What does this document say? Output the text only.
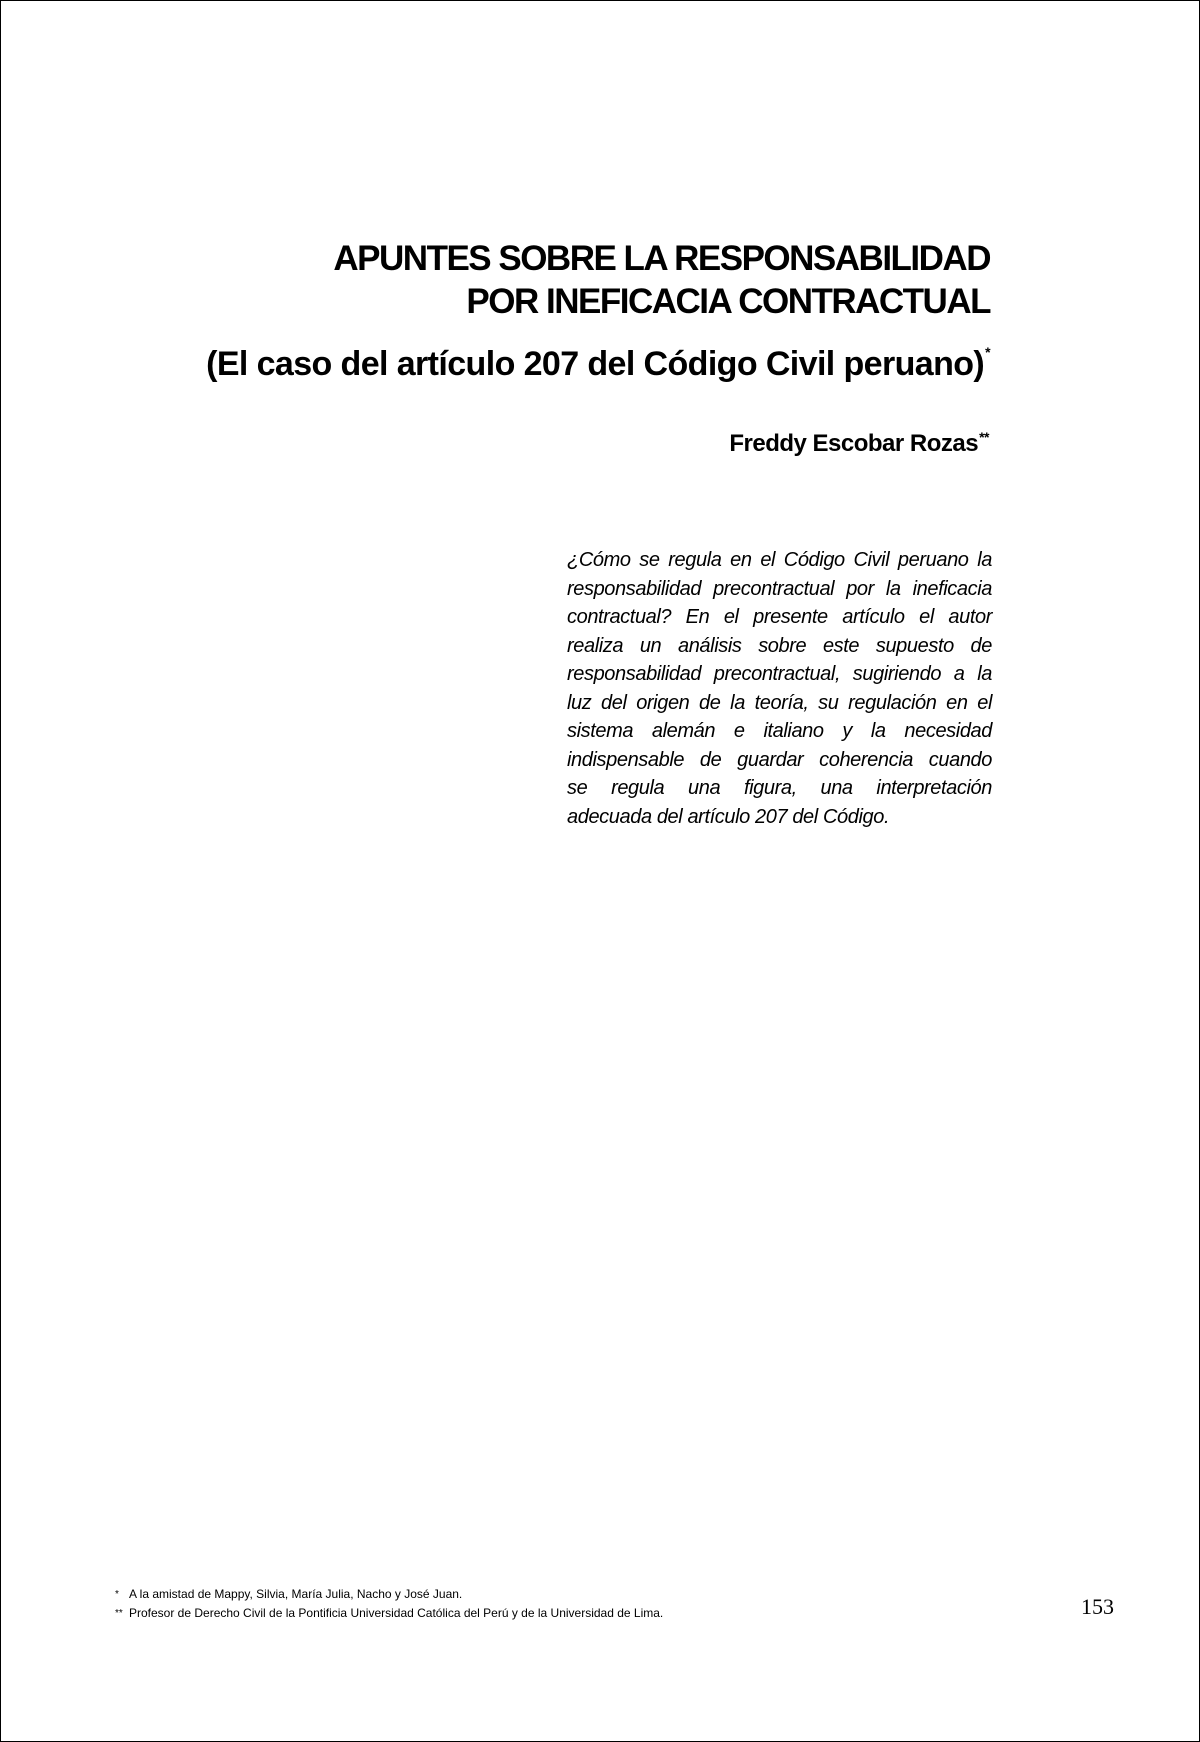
APUNTES SOBRE LA RESPONSABILIDAD
POR INEFICACIA CONTRACTUAL
(El caso del artículo 207 del Código Civil peruano)*
Freddy Escobar Rozas**
¿Cómo se regula en el Código Civil peruano la
responsabilidad precontractual por la ineficacia
contractual? En el presente artículo el autor
realiza un análisis sobre este supuesto de
responsabilidad precontractual, sugiriendo a la
luz del origen de la teoría, su regulación en el
sistema alemán e italiano y la necesidad
indispensable de guardar coherencia cuando
se regula una figura, una interpretación
adecuada del artículo 207 del Código.
* A la amistad de Mappy, Silvia, María Julia, Nacho y José Juan.
** Profesor de Derecho Civil de la Pontificia Universidad Católica del Perú y de la Universidad de Lima.	153
